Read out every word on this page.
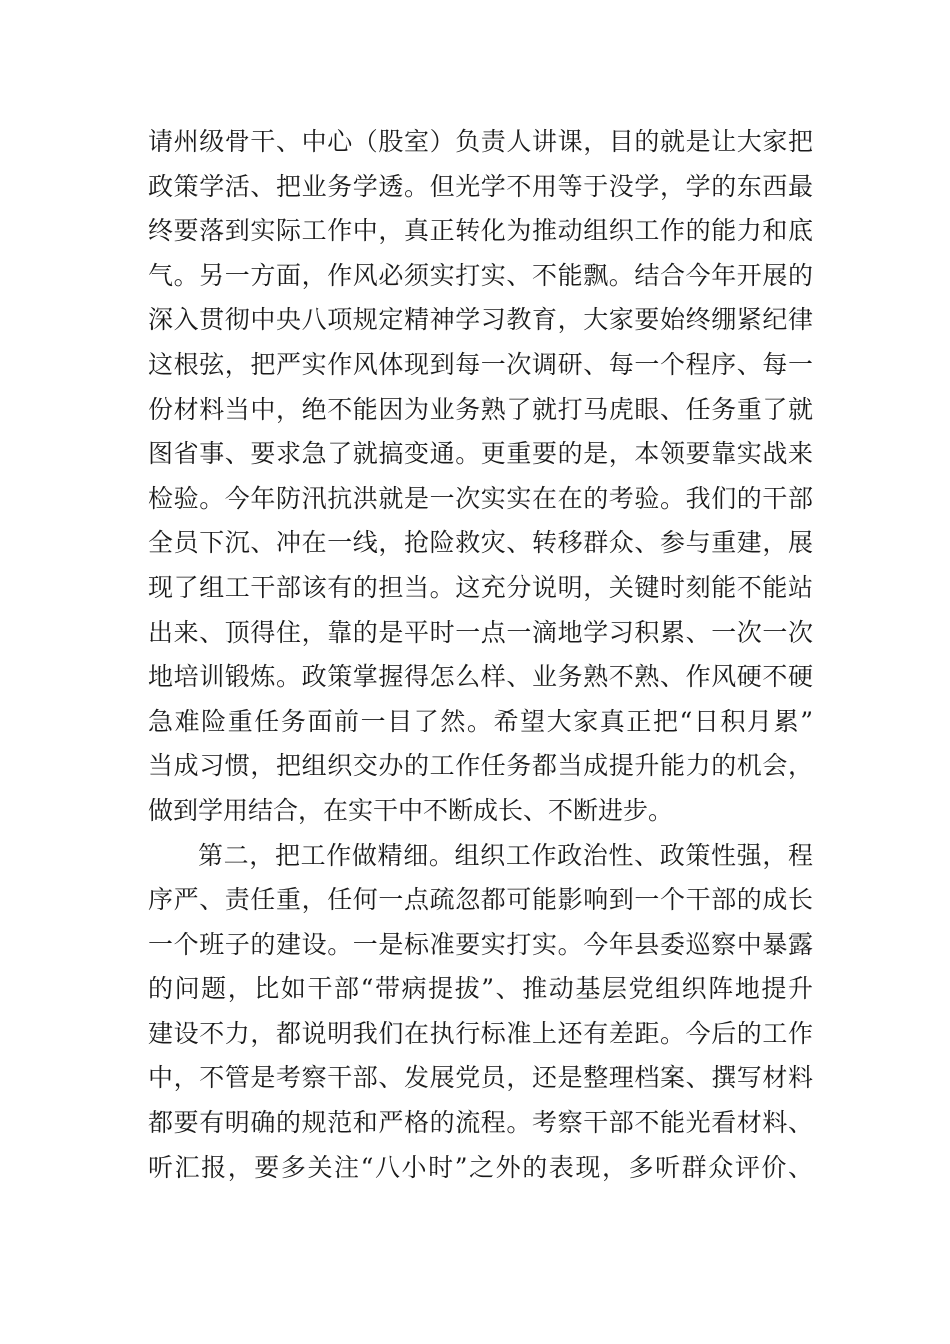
请州级骨干、中心（股室）负责人讲课，目的就是让大家把
政策学活、把业务学透。但光学不用等于没学，学的东西最
终要落到实际工作中，真正转化为推动组织工作的能力和底
气。另一方面，作风必须实打实、不能飘。结合今年开展的
深入贯彻中央八项规定精神学习教育，大家要始终绷紧纪律
这根弦，把严实作风体现到每一次调研、每一个程序、每一
份材料当中，绝不能因为业务熟了就打马虎眼、任务重了就
图省事、要求急了就搞变通。更重要的是，本领要靠实战来
检验。今年防汛抗洪就是一次实实在在的考验。我们的干部
全员下沉、冲在一线，抢险救灾、转移群众、参与重建，展
现了组工干部该有的担当。这充分说明，关键时刻能不能站
出来、顶得住，靠的是平时一点一滴地学习积累、一次一次
地培训锻炼。政策掌握得怎么样、业务熟不熟、作风硬不硬
急难险重任务面前一目了然。希望大家真正把“日积月累”
当成习惯，把组织交办的工作任务都当成提升能力的机会，
做到学用结合，在实干中不断成长、不断进步。
第二，把工作做精细。组织工作政治性、政策性强，程
序严、责任重，任何一点疏忽都可能影响到一个干部的成长
一个班子的建设。一是标准要实打实。今年县委巡察中暴露
的问题，比如干部“带病提拔”、推动基层党组织阵地提升
建设不力，都说明我们在执行标准上还有差距。今后的工作
中，不管是考察干部、发展党员，还是整理档案、撰写材料
都要有明确的规范和严格的流程。考察干部不能光看材料、
听汇报，要多关注“八小时”之外的表现，多听群众评价、
